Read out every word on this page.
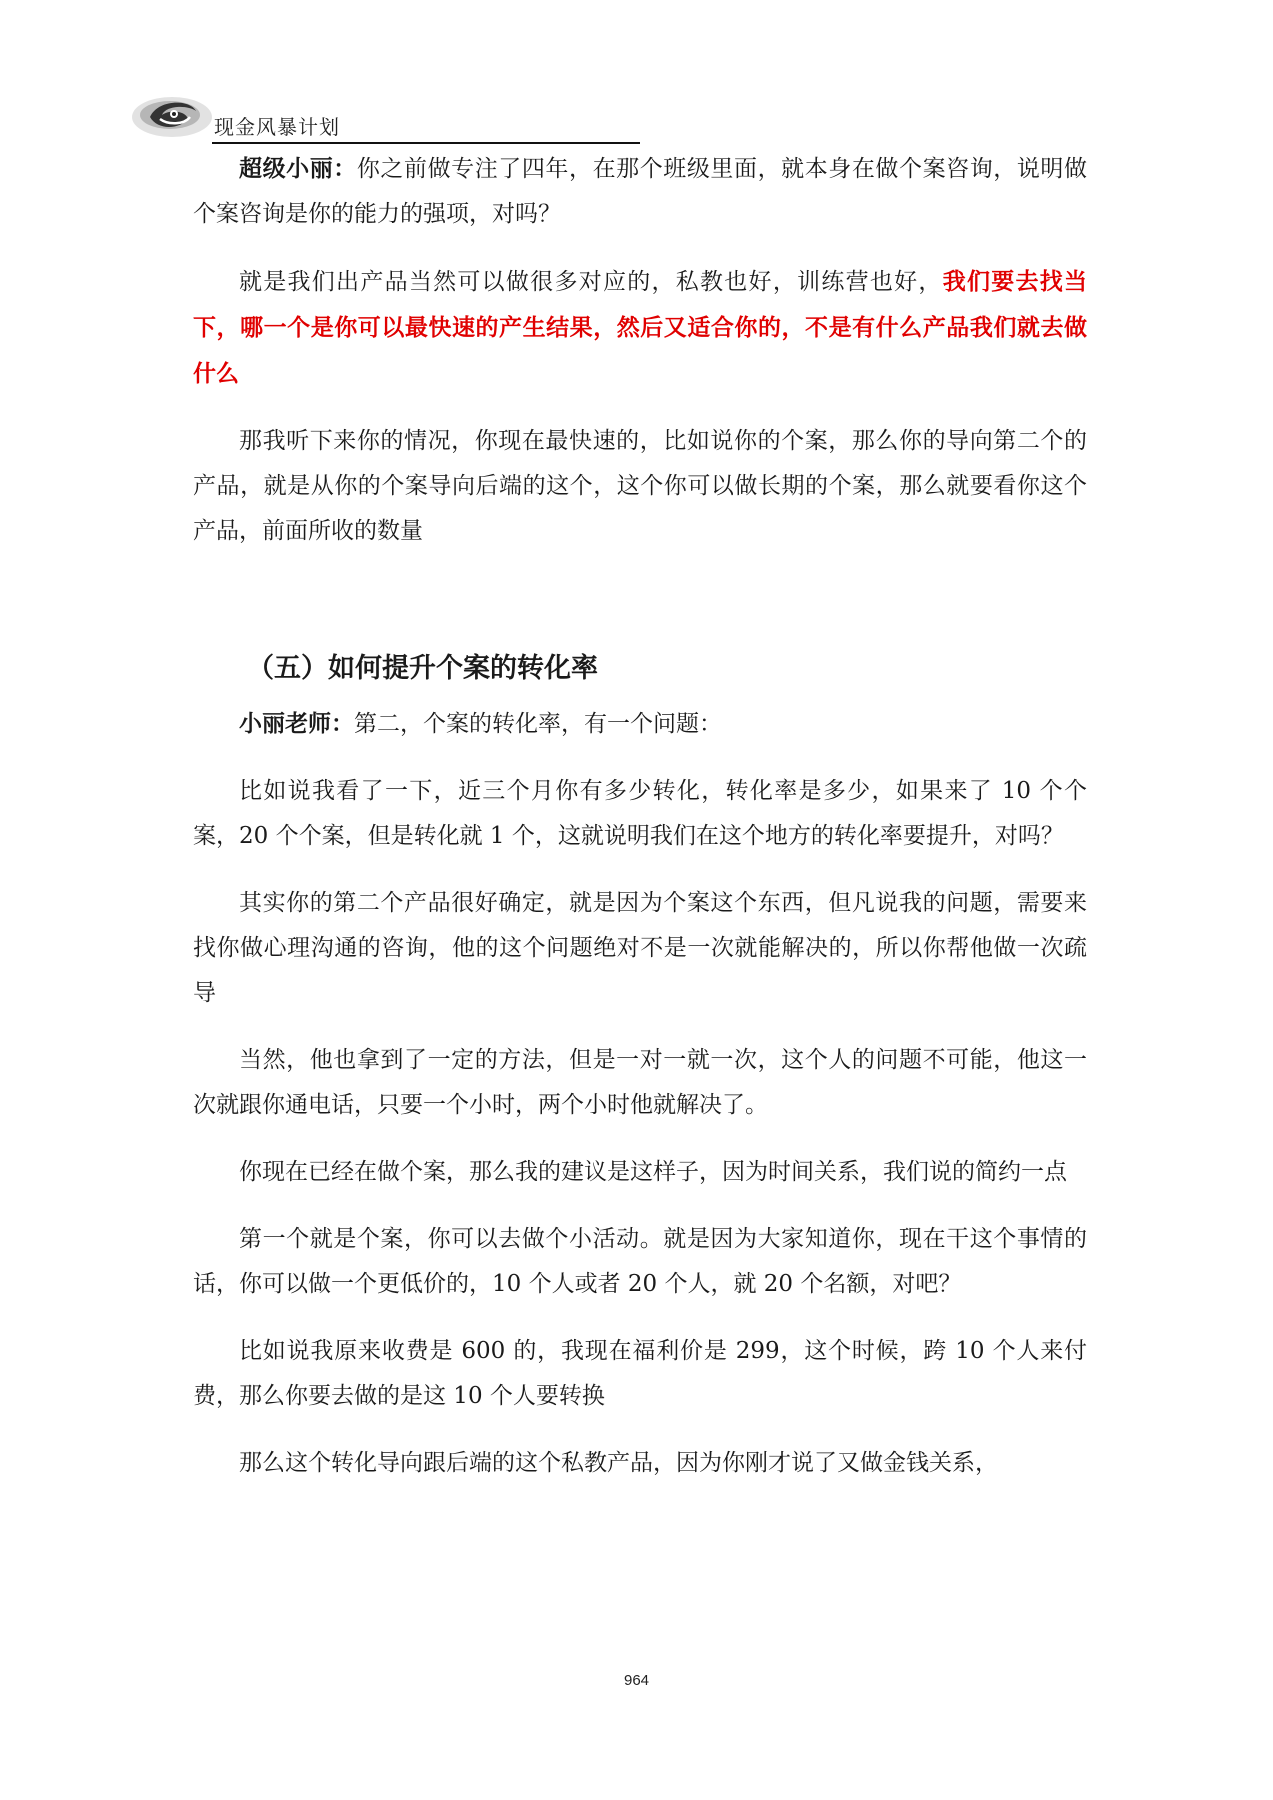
现金风暴计划

超级小丽：你之前做专注了四年，在那个班级里面，就本身在做个案咨询，说明做个案咨询是你的能力的强项，对吗？

就是我们出产品当然可以做很多对应的，私教也好，训练营也好，我们要去找当下，哪一个是你可以最快速的产生结果，然后又适合你的，不是有什么产品我们就去做什么

那我听下来你的情况，你现在最快速的，比如说你的个案，那么你的导向第二个的产品，就是从你的个案导向后端的这个，这个你可以做长期的个案，那么就要看你这个产品，前面所收的数量

（五）如何提升个案的转化率

小丽老师：第二，个案的转化率，有一个问题：

比如说我看了一下，近三个月你有多少转化，转化率是多少，如果来了 10 个个案，20 个个案，但是转化就 1 个，这就说明我们在这个地方的转化率要提升，对吗？

其实你的第二个产品很好确定，就是因为个案这个东西，但凡说我的问题，需要来找你做心理沟通的咨询，他的这个问题绝对不是一次就能解决的，所以你帮他做一次疏导

当然，他也拿到了一定的方法，但是一对一就一次，这个人的问题不可能，他这一次就跟你通电话，只要一个小时，两个小时他就解决了。

你现在已经在做个案，那么我的建议是这样子，因为时间关系，我们说的简约一点

第一个就是个案，你可以去做个小活动。就是因为大家知道你，现在干这个事情的话，你可以做一个更低价的，10 个人或者 20 个人，就 20 个名额，对吧？

比如说我原来收费是 600 的，我现在福利价是 299，这个时候，跨 10 个人来付费，那么你要去做的是这 10 个人要转换

那么这个转化导向跟后端的这个私教产品，因为你刚才说了又做金钱关系，

964
